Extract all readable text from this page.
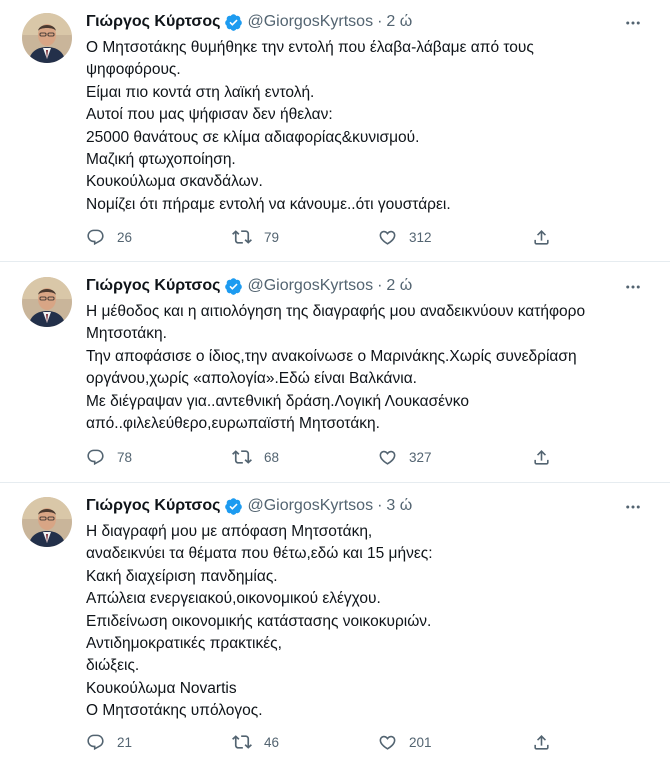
Γιώργος Κύρτσος @GiorgosKyrtsos · 2 ώ
Ο Μητσοτάκης θυμήθηκε την εντολή που έλαβα-λάβαμε από τους
ψηφοφόρους.
Είμαι πιο κοντά στη λαϊκή εντολή.
Αυτοί που μας ψήφισαν δεν ήθελαν:
25000 θανάτους σε κλίμα αδιαφορίας&κυνισμού.
Μαζική φτωχοποίηση.
Κουκούλωμα σκανδάλων.
Νομίζει ότι πήραμε εντολή να κάνουμε..ότι γουστάρει.
26	79	312
Γιώργος Κύρτσος @GiorgosKyrtsos · 2 ώ
Η μέθοδος και η αιτιολόγηση της διαγραφής μου αναδεικνύουν κατήφορο
Μητσοτάκη.
Την αποφάσισε ο ίδιος,την ανακοίνωσε ο Μαρινάκης.Χωρίς συνεδρίαση
οργάνου,χωρίς «απολογία».Εδώ είναι Βαλκάνια.
Με διέγραψαν για..αντεθνική δράση.Λογική Λουκασένκο
από..φιλελεύθερο,ευρωπαϊστή Μητσοτάκη.
78	68	327
Γιώργος Κύρτσος @GiorgosKyrtsos · 3 ώ
Η διαγραφή μου με απόφαση Μητσοτάκη,
αναδεικνύει τα θέματα που θέτω,εδώ και 15 μήνες:
Κακή διαχείριση πανδημίας.
Απώλεια ενεργειακού,οικονομικού ελέγχου.
Επιδείνωση οικονομικής κατάστασης νοικοκυριών.
Αντιδημοκρατικές πρακτικές,
διώξεις.
Κουκούλωμα Novartis
Ο Μητσοτάκης υπόλογος.
21	46	201
